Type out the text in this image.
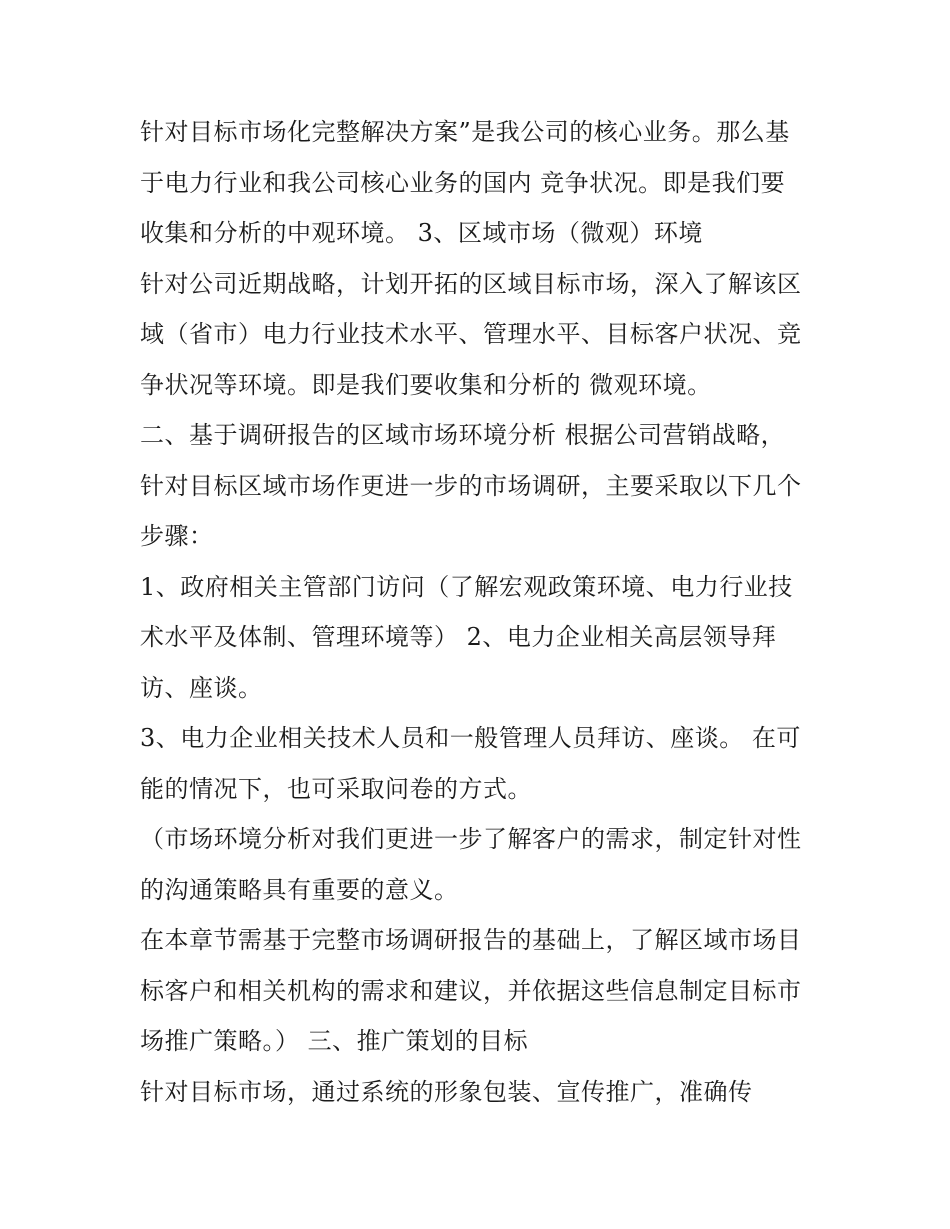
针对目标市场化完整解决方案”是我公司的核心业务。那么基
于电力行业和我公司核心业务的国内 竞争状况。即是我们要
收集和分析的中观环境。 3、区域市场（微观）环境
针对公司近期战略，计划开拓的区域目标市场，深入了解该区
域（省市）电力行业技术水平、管理水平、目标客户状况、竞
争状况等环境。即是我们要收集和分析的 微观环境。
二、基于调研报告的区域市场环境分析 根据公司营销战略，
针对目标区域市场作更进一步的市场调研，主要采取以下几个
步骤：
1、政府相关主管部门访问（了解宏观政策环境、电力行业技
术水平及体制、管理环境等） 2、电力企业相关高层领导拜
访、座谈。
3、电力企业相关技术人员和一般管理人员拜访、座谈。 在可
能的情况下，也可采取问卷的方式。
（市场环境分析对我们更进一步了解客户的需求，制定针对性
的沟通策略具有重要的意义。
在本章节需基于完整市场调研报告的基础上，了解区域市场目
标客户和相关机构的需求和建议，并依据这些信息制定目标市
场推广策略。） 三、推广策划的目标
针对目标市场，通过系统的形象包装、宣传推广，准确传
